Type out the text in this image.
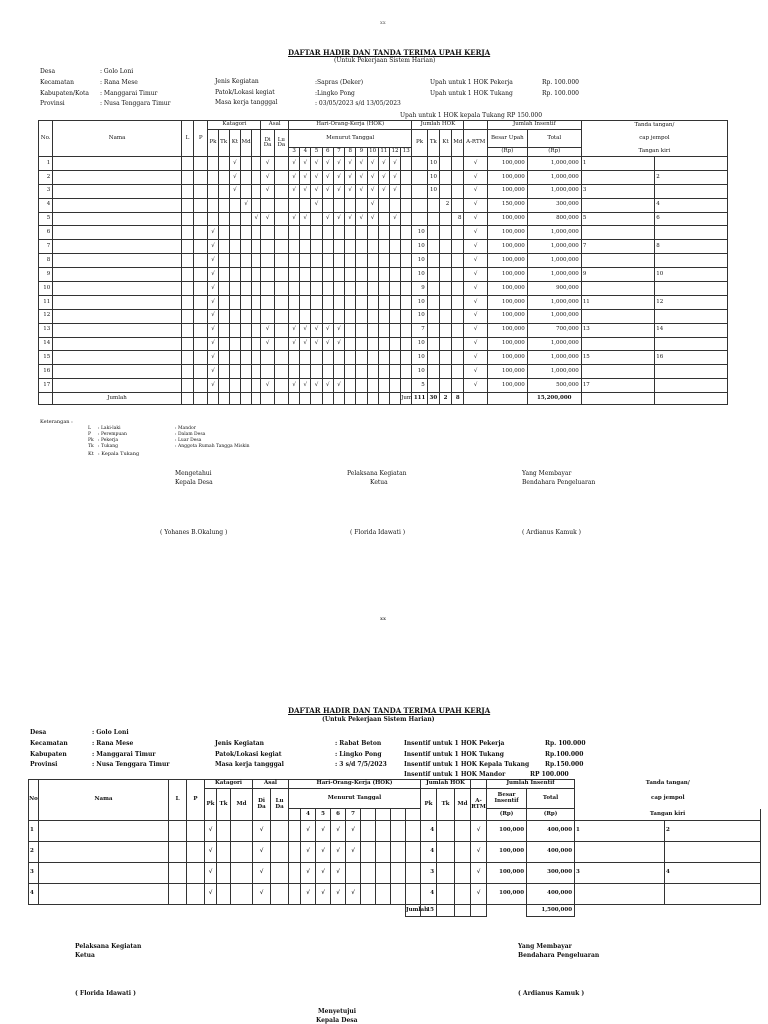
xx
DAFTAR HADIR DAN TANDA TERIMA UPAH KERJA
(Untuk Pekerjaan Sistem Harian)
Desa	: Golo Loni
Kecamatan	: Rana Mese
Kabupaten/Kota : Manggarai Timur
Provinsi	: Nusa Tenggara Timur
Jenis Kegiatan	:Sapras (Deker)
Patok/Lokasi kegiat	:Lingko Pong
Masa kerja tangggal	: 03/05/2023 s/d 13/05/2023
Upah untuk 1 HOK Pekerja	Rp. 100.000
Upah untuk 1 HOK Tukang	Rp. 100.000
Upah untuk 1 HOK kepala Tukang RP 150.000
No.	Nama	L	P	Katagori					Asal		Hari-Orang-Kerja (HOK)											Jumlah HOK					Jumlah Insentif		Tanda tangan/	
				Pk	Tk	Kt	Md		Di Da	Lu Da	Menurut Tanggal											Pk	Tk	Kt	Md	A-RTM	Besar Upah	Total	cap jempol	
											3	4	5	6	7	8	9	10	11	12	13						(Rp)	(Rp)	Tangan kiri	
1						√			√		√	√	√	√	√	√	√	√	√	√			10			√	100,000	1,000,000	1	
2						√			√		√	√	√	√	√	√	√	√	√	√			10			√	100,000	1,000,000		2
3						√			√		√	√	√	√	√	√	√	√	√	√			10			√	100,000	1,000,000	3	
4							√						√					√						2		√	150,000	300,000		4
5								√	√		√	√		√	√	√	√	√		√					8	√	100,000	800,000	5	6
6				√																		10				√	100,000	1,000,000		
7				√																		10				√	100,000	1,000,000	7	8
8				√																		10				√	100,000	1,000,000		
9				√																		10				√	100,000	1,000,000	9	10
10				√																		9				√	100,000	900,000		
11				√																		10				√	100,000	1,000,000	11	12
12				√																		10				√	100,000	1,000,000		
13				√					√		√	√	√	√	√							7				√	100,000	700,000	13	14
14				√					√		√	√	√	√	√							10				√	100,000	1,000,000		
15				√																		10				√	100,000	1,000,000	15	16
16				√																		10				√	100,000	1,000,000		
17				√					√		√	√	√	√	√							5				√	100,000	500,000	17	
	Jumlah																				Jum	111	30	2	8			15,200,000		
Keterangan :
L : Laki-laki
P : Perempuan
Pk : Pekerja
Tk : Tukang
Kt : Kepala Tukang
: Mandor
: Dalam Desa
: Luar Desa
: Anggota Rumah Tangga Miskin
Mengetahui
Kepala Desa
Pelaksana Kegiatan
Ketua
Yang Membayar
Bendahara Pengeluaran
( Yohanes B.Okalung )	( Florida Idawati )	( Ardianus Kamuk )
xx
DAFTAR HADIR DAN TANDA TERIMA UPAH KERJA
(Untuk Pekerjaan Sistem Harian)
Desa	: Golo Loni
Kecamatan	: Rana Mese
Kabupaten	: Manggarai Timur
Provinsi	: Nusa Tenggara Timur
Jenis Kegiatan	: Rabat Beton
Patok/Lokasi kegiat	: Lingko Pong
Masa kerja tangggal	: 3 s/d 7/5/2023
Insentif untuk 1 HOK Pekerja	Rp. 100.000
Insentif untuk 1 HOK Tukang	Rp.100.000
Insentif untuk 1 HOK Kepala Tukang	Rp.150.000
Insentif untuk 1 HOK Mandor	RP 100.000
No	Nama	L	P	Katagori			Asal		Hari-Orang-Kerja (HOK)									Jumlah HOK				Jumlah Insentif		Tanda tangan/	
				Pk	Tk	Md	Di Da	Lu Da	Menurut Tanggal									Pk	Tk	Md	A-RTM	Besar Insentif	Total	cap jempol	
										4	5	6	7									(Rp)	(Rp)	Tangan kiri	
1				√			√			√	√	√	√					4			√	100,000	400,000	1	2
2				√			√			√	√	√	√					4			√	100,000	400,000		
3				√			√			√	√	√						3			√	100,000	300,000	3	4
4				√			√			√	√	√	√					4			√	100,000	400,000		
																	Jumlah	15					1,500,000		
Pelaksana Kegiatan
Ketua
Yang Membayar
Bendahara Pengeluaran
( Florida Idawati )	( Ardianus Kamuk )
Menyetujui
Kepala Desa
